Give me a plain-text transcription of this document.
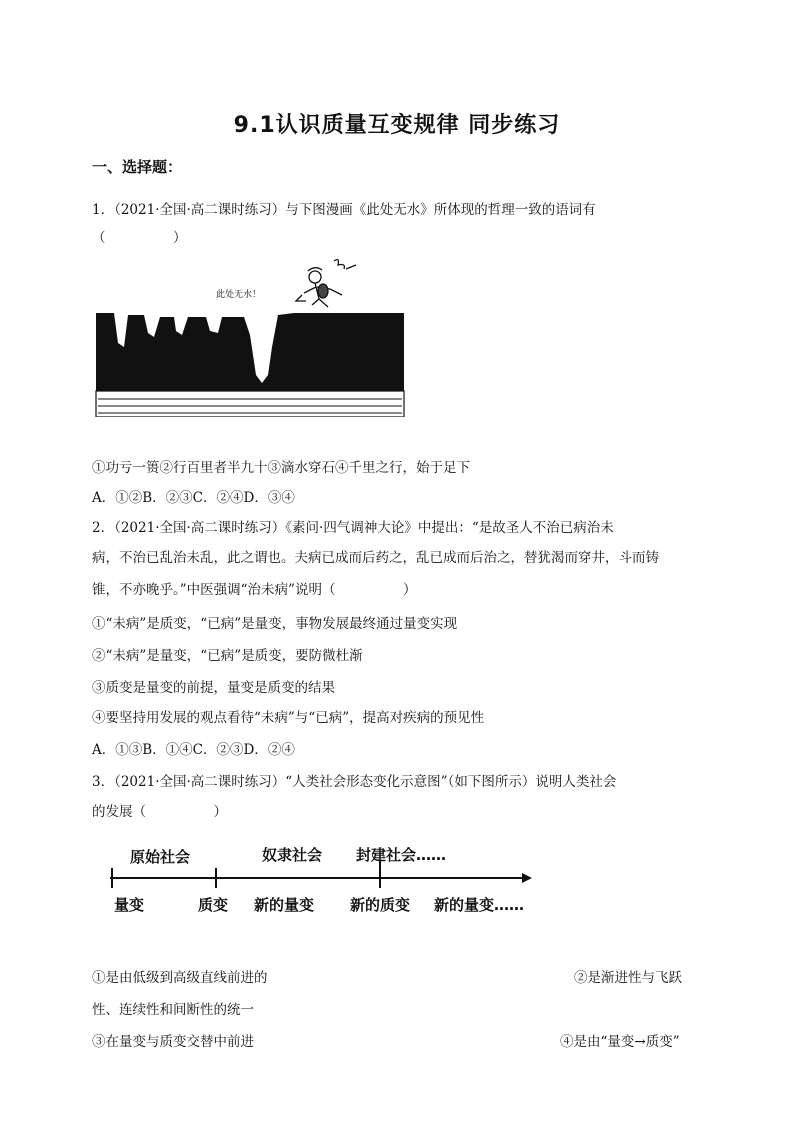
9.1认识质量互变规律 同步练习
一、选择题：
1．（2021·全国·高二课时练习）与下图漫画《此处无水》所体现的哲理一致的语词有
（　　　　　）
此处无水！
①功亏一篑②行百里者半九十③滴水穿石④千里之行，始于足下
A．①②B．②③C．②④D．③④
2．（2021·全国·高二课时练习）《素问·四气调神大论》中提出：“是故圣人不治已病治未
病，不治已乱治未乱，此之谓也。夫病已成而后药之，乱已成而后治之，替犹渴而穿井，斗而铸
锥，不亦晚乎。”中医强调“治未病”说明（　　　　　）
①“未病”是质变，“已病”是量变，事物发展最终通过量变实现
②“未病”是量变，“已病”是质变，要防微杜渐
③质变是量变的前提，量变是质变的结果
④要坚持用发展的观点看待“未病”与“已病”，提高对疾病的预见性
A．①③B．①④C．②③D．②④
3．（2021·全国·高二课时练习）“人类社会形态变化示意图”（如下图所示）说明人类社会
的发展（　　　　　）
原始社会	奴隶社会 封建社会……
量变	质变 新的量变 新的质变 新的量变……
①是由低级到高级直线前进的	②是渐进性与飞跃
性、连续性和间断性的统一
③在量变与质变交替中前进	④是由“量变→质变”
